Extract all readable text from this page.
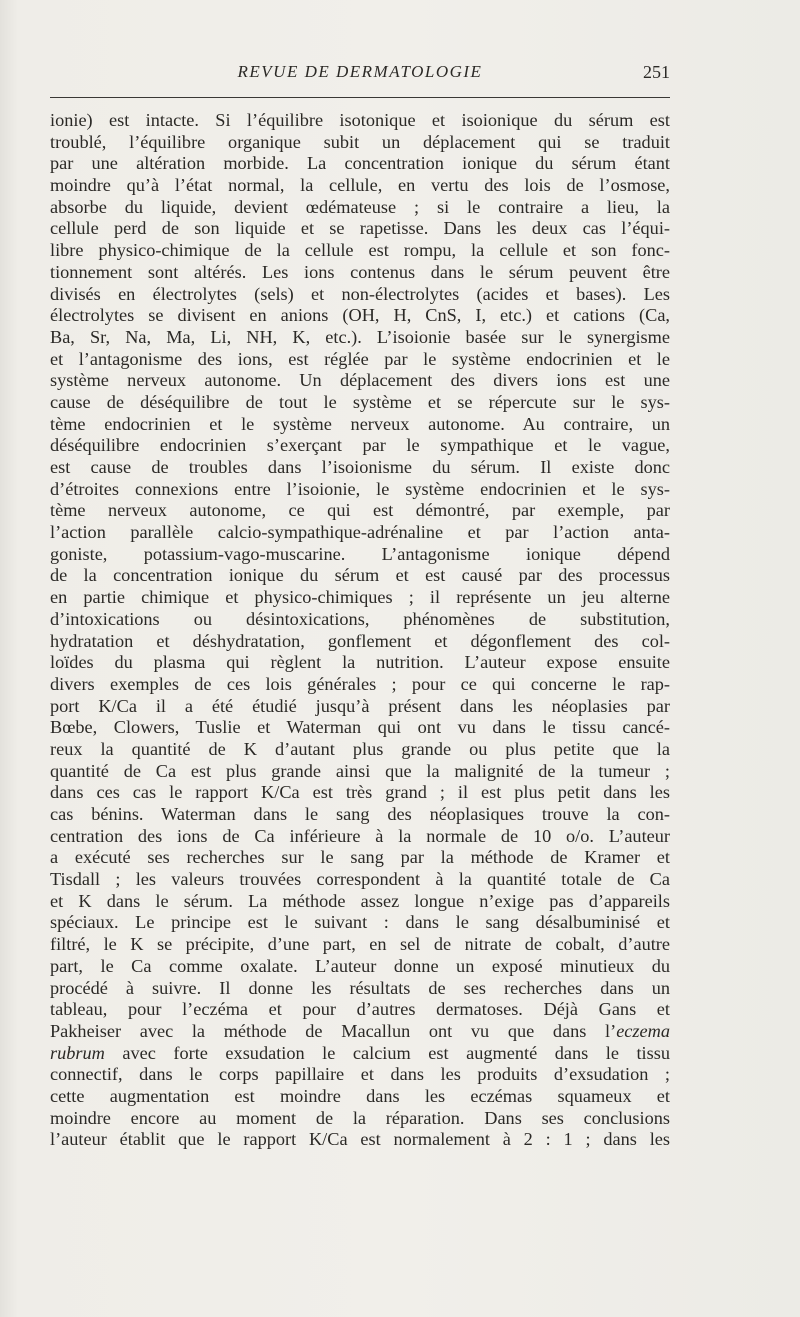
REVUE DE DERMATOLOGIE	251
ionie) est intacte. Si l’équilibre isotonique et isoionique du sérum est
troublé, l’équilibre organique subit un déplacement qui se traduit
par une altération morbide. La concentration ionique du sérum étant
moindre qu’à l’état normal, la cellule, en vertu des lois de l’osmose,
absorbe du liquide, devient œdémateuse ; si le contraire a lieu, la
cellule perd de son liquide et se rapetisse. Dans les deux cas l’équi-
libre physico-chimique de la cellule est rompu, la cellule et son fonc-
tionnement sont altérés. Les ions contenus dans le sérum peuvent être
divisés en électrolytes (sels) et non-électrolytes (acides et bases). Les
électrolytes se divisent en anions (OH, H, CnS, I, etc.) et cations (Ca,
Ba, Sr, Na, Ma, Li, NH, K, etc.). L’isoionie basée sur le synergisme
et l’antagonisme des ions, est réglée par le système endocrinien et le
système nerveux autonome. Un déplacement des divers ions est une
cause de déséquilibre de tout le système et se répercute sur le sys-
tème endocrinien et le système nerveux autonome. Au contraire, un
déséquilibre endocrinien s’exerçant par le sympathique et le vague,
est cause de troubles dans l’isoionisme du sérum. Il existe donc
d’étroites connexions entre l’isoionie, le système endocrinien et le sys-
tème nerveux autonome, ce qui est démontré, par exemple, par
l’action parallèle calcio-sympathique-adrénaline et par l’action anta-
goniste, potassium-vago-muscarine. L’antagonisme ionique dépend
de la concentration ionique du sérum et est causé par des processus
en partie chimique et physico-chimiques ; il représente un jeu alterne
d’intoxications ou désintoxications, phénomènes de substitution,
hydratation et déshydratation, gonflement et dégonflement des col-
loïdes du plasma qui règlent la nutrition. L’auteur expose ensuite
divers exemples de ces lois générales ; pour ce qui concerne le rap-
port K/Ca il a été étudié jusqu’à présent dans les néoplasies par
Bœbe, Clowers, Tuslie et Waterman qui ont vu dans le tissu cancé-
reux la quantité de K d’autant plus grande ou plus petite que la
quantité de Ca est plus grande ainsi que la malignité de la tumeur ;
dans ces cas le rapport K/Ca est très grand ; il est plus petit dans les
cas bénins. Waterman dans le sang des néoplasiques trouve la con-
centration des ions de Ca inférieure à la normale de 10 o/o. L’auteur
a exécuté ses recherches sur le sang par la méthode de Kramer et
Tisdall ; les valeurs trouvées correspondent à la quantité totale de Ca
et K dans le sérum. La méthode assez longue n’exige pas d’appareils
spéciaux. Le principe est le suivant : dans le sang désalbuminisé et
filtré, le K se précipite, d’une part, en sel de nitrate de cobalt, d’autre
part, le Ca comme oxalate. L’auteur donne un exposé minutieux du
procédé à suivre. Il donne les résultats de ses recherches dans un
tableau, pour l’eczéma et pour d’autres dermatoses. Déjà Gans et
Pakheiser avec la méthode de Macallun ont vu que dans l’eczema
rubrum avec forte exsudation le calcium est augmenté dans le tissu
connectif, dans le corps papillaire et dans les produits d’exsudation ;
cette augmentation est moindre dans les eczémas squameux et
moindre encore au moment de la réparation. Dans ses conclusions
l’auteur établit que le rapport K/Ca est normalement à 2 : 1 ; dans les
